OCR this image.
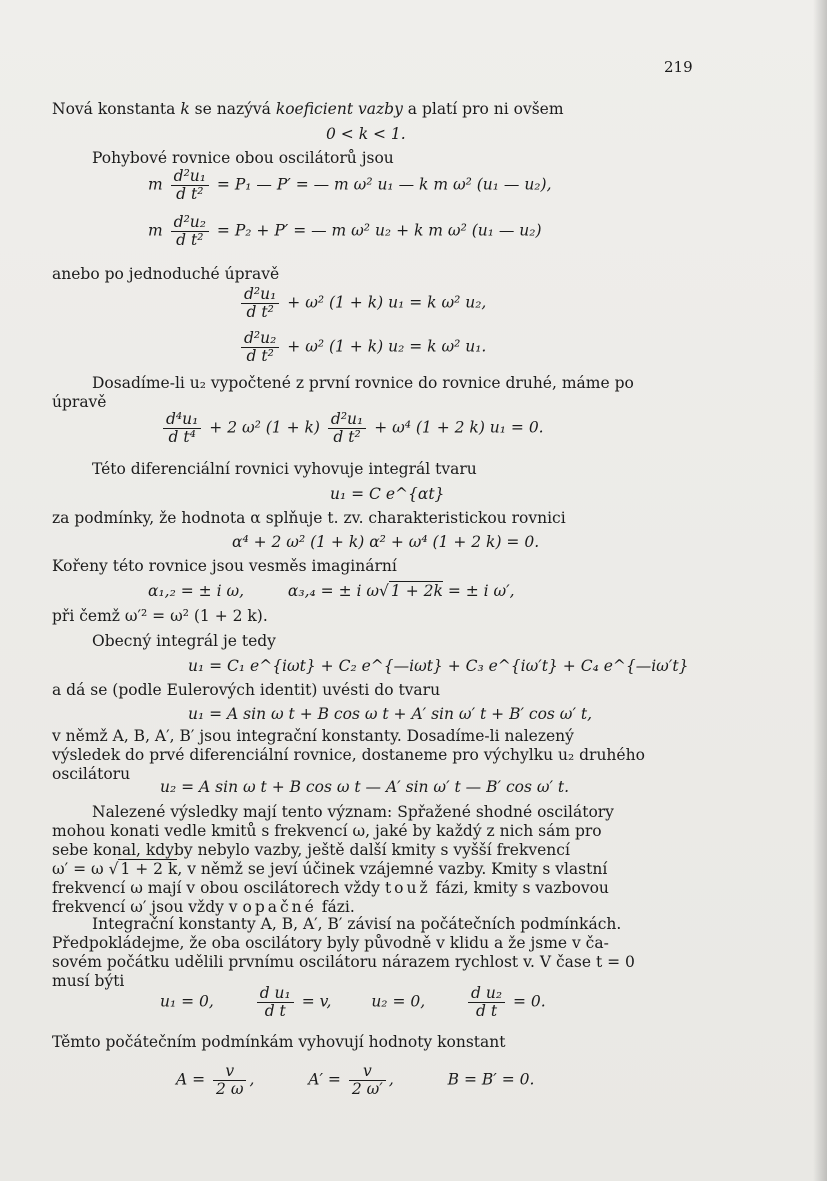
219
Nová konstanta k se nazývá koeficient vazby a platí pro ni ovšem
0 < k < 1.
Pohybové rovnice obou oscilátorů jsou
m $\frac{\text{d²u₁}}{\text{d t²}} = P_1$ — P′ = — m ω² u₁ — k m ω² (u₁ — u₂),
m $\frac{\text{d²u₂}}{\text{d t²}} = P_2 + P'$ = — m ω² u₂ + k m ω² (u₁ — u₂)
anebo po jednoduché úpravě
$\frac{\text{d²u₁}}{\text{d t²}} + \omega^2$ (1 + k) u₁ = k ω² u₂,
$\frac{\text{d²u₂}}{\text{d t²}} + \omega^2$ (1 + k) u₂ = k ω² u₁.
Dosadíme-li u₂ vypočtené z první rovnice do rovnice druhé, máme po
úpravě
$\frac{\text{d⁴u₁}}{\text{d t⁴}} + 2$ ω² $(1 + k) \frac{\text{d²u₁}}{\text{d t²}} + \omega^4$ (1 + 2 k) u₁ = 0.
Této diferenciální rovnici vyhovuje integrál tvaru
u₁ = C e^{αt}
za podmínky, že hodnota α splňuje t. zv. charakteristickou rovnici
α⁴ + 2 ω² (1 + k) α² + ω⁴ (1 + 2 k) = 0.
Kořeny této rovnice jsou vesměs imaginární
α₁,₂ = ± i ω,	α₃,₄ = ± i ω√ 1 + 2k = ± i ω′,
při čemž ω′² = ω² (1 + 2 k).
Obecný integrál je tedy
u₁ = C₁ e^{iωt} + C₂ e^{—iωt} + C₃ e^{iω′t} + C₄ e^{—iω′t}
a dá se (podle Eulerových identit) uvésti do tvaru
u₁ = A sin ω t + B cos ω t + A′ sin ω′ t + B′ cos ω′ t,
v němž A, B, A′, B′ jsou integrační konstanty. Dosadíme-li nalezený
výsledek do prvé diferenciální rovnice, dostaneme pro výchylku u₂ druhého
oscilátoru
u₂ = A sin ω t + B cos ω t — A′ sin ω′ t — B′ cos ω′ t.
Nalezené výsledky mají tento význam: Spřažené shodné oscilátory
mohou konati vedle kmitů s frekvencí ω, jaké by každý z nich sám pro
sebe konal, kdyby nebylo vazby, ještě další kmity s vyšší frekvencí
ω′ = ω √ 1 + 2 k, v němž se jeví účinek vzájemné vazby. Kmity s vlastní
frekvencí ω mají v obou oscilátorech vždy touž fázi, kmity s vazbovou
frekvencí ω′ jsou vždy v opačné fázi.
Integrační konstanty A, B, A′, B′ závisí na počátečních podmínkách.
Předpokládejme, že oba oscilátory byly původně v klidu a že jsme v ča-
sovém počátku udělili prvnímu oscilátoru nárazem rychlost v. V čase t = 0
musí býti
u₁ = 0,	$\frac{\text{d u₁}}{\text{d t}} = v$,	u₂ = 0,	$\frac{\text{d u₂}}{\text{d t}} = 0$.
Těmto počátečním podmínkám vyhovují hodnoty konstant
$A = \frac{v}{2 \omega}$ ,	$A' = \frac{v}{2 \omega'}$ ,	B = B′ = 0.
